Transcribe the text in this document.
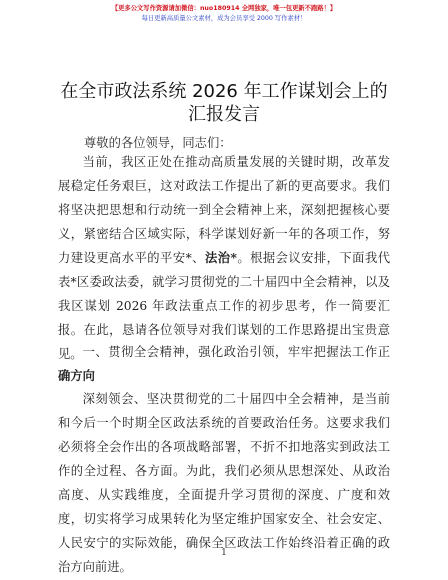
【更多公文写作资源请加微信：nuo180914 全网独家，唯一包更新不跑路！】
每日更新高质量公文素材，成为会员享受 2000 写作素材！
在全市政法系统 2026 年工作谋划会上的汇报发言
尊敬的各位领导，同志们：

当前，我区正处在推动高质量发展的关键时期，改革发展稳定任务艰巨，这对政法工作提出了新的更高要求。我们将坚决把思想和行动统一到全会精神上来，深刻把握核心要义，紧密结合区域实际，科学谋划好新一年的各项工作，努力建设更高水平的平安*、法治*。根据会议安排，下面我代表*区委政法委，就学习贯彻党的二十届四中全会精神，以及我区谋划 2026 年政法重点工作的初步思考，作一简要汇报。在此，恳请各位领导对我们谋划的工作思路提出宝贵意见。 一、贯彻全会精神，强化政治引领，牢牢把握法工作正确方向

深刻领会、坚决贯彻党的二十届四中全会精神，是当前和今后一个时期全区政法系统的首要政治任务。这要求我们必须将全会作出的各项战略部署，不折不扣地落实到政法工作的全过程、各方面。为此，我们必须从思想深处、从政治高度、从实践维度，全面提升学习贯彻的深度、广度和效度，切实将学习成果转化为坚定维护国家安全、社会安定、人民安宁的实际效能，确保全区政法工作始终沿着正确的政治方向前进。

1
